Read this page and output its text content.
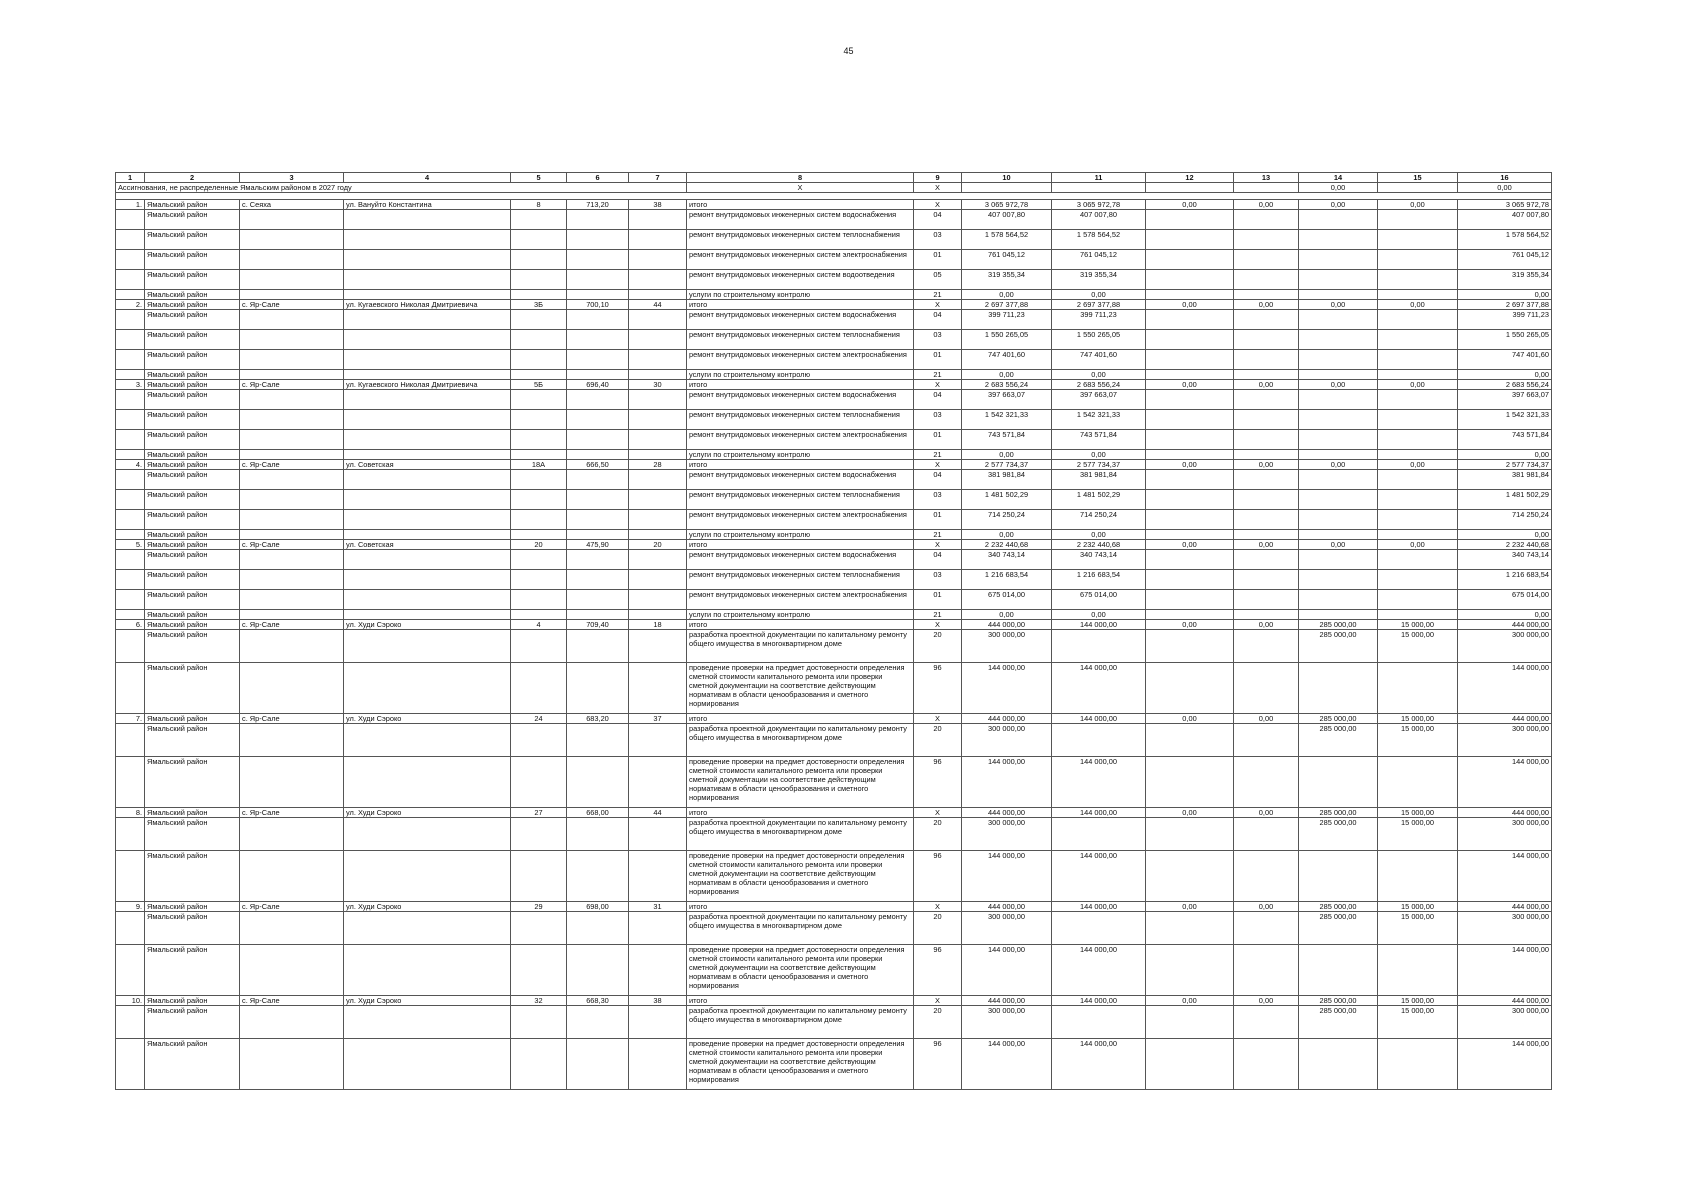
45
1	2	3	4	5	6	7	8	9	10	11	12	13	14	15	16
Ассигнования, не распределенные Ямальским районом в 2027 году							X	X					0,00		0,00

1.	Ямальский район	с. Сеяха	ул. Вануйто Константина	8	713,20	38	итого	X	3 065 972,78	3 065 972,78	0,00	0,00	0,00	0,00	3 065 972,78
	Ямальский район						ремонт внутридомовых инженерных систем водоснабжения	04	407 007,80	407 007,80					407 007,80
	Ямальский район						ремонт внутридомовых инженерных систем теплоснабжения	03	1 578 564,52	1 578 564,52					1 578 564,52
	Ямальский район						ремонт внутридомовых инженерных систем электроснабжения	01	761 045,12	761 045,12					761 045,12
	Ямальский район						ремонт внутридомовых инженерных систем водоотведения	05	319 355,34	319 355,34					319 355,34
	Ямальский район						услуги по строительному контролю	21	0,00	0,00					0,00
2.	Ямальский район	с. Яр-Сале	ул. Кугаевского Николая Дмитриевича	3Б	700,10	44	итого	X	2 697 377,88	2 697 377,88	0,00	0,00	0,00	0,00	2 697 377,88
	Ямальский район						ремонт внутридомовых инженерных систем водоснабжения	04	399 711,23	399 711,23					399 711,23
	Ямальский район						ремонт внутридомовых инженерных систем теплоснабжения	03	1 550 265,05	1 550 265,05					1 550 265,05
	Ямальский район						ремонт внутридомовых инженерных систем электроснабжения	01	747 401,60	747 401,60					747 401,60
	Ямальский район						услуги по строительному контролю	21	0,00	0,00					0,00
3.	Ямальский район	с. Яр-Сале	ул. Кугаевского Николая Дмитриевича	5Б	696,40	30	итого	X	2 683 556,24	2 683 556,24	0,00	0,00	0,00	0,00	2 683 556,24
	Ямальский район						ремонт внутридомовых инженерных систем водоснабжения	04	397 663,07	397 663,07					397 663,07
	Ямальский район						ремонт внутридомовых инженерных систем теплоснабжения	03	1 542 321,33	1 542 321,33					1 542 321,33
	Ямальский район						ремонт внутридомовых инженерных систем электроснабжения	01	743 571,84	743 571,84					743 571,84
	Ямальский район						услуги по строительному контролю	21	0,00	0,00					0,00
4.	Ямальский район	с. Яр-Сале	ул. Советская	18А	666,50	28	итого	X	2 577 734,37	2 577 734,37	0,00	0,00	0,00	0,00	2 577 734,37
	Ямальский район						ремонт внутридомовых инженерных систем водоснабжения	04	381 981,84	381 981,84					381 981,84
	Ямальский район						ремонт внутридомовых инженерных систем теплоснабжения	03	1 481 502,29	1 481 502,29					1 481 502,29
	Ямальский район						ремонт внутридомовых инженерных систем электроснабжения	01	714 250,24	714 250,24					714 250,24
	Ямальский район						услуги по строительному контролю	21	0,00	0,00					0,00
5.	Ямальский район	с. Яр-Сале	ул. Советская	20	475,90	20	итого	X	2 232 440,68	2 232 440,68	0,00	0,00	0,00	0,00	2 232 440,68
	Ямальский район						ремонт внутридомовых инженерных систем водоснабжения	04	340 743,14	340 743,14					340 743,14
	Ямальский район						ремонт внутридомовых инженерных систем теплоснабжения	03	1 216 683,54	1 216 683,54					1 216 683,54
	Ямальский район						ремонт внутридомовых инженерных систем электроснабжения	01	675 014,00	675 014,00					675 014,00
	Ямальский район						услуги по строительному контролю	21	0,00	0,00					0,00
6.	Ямальский район	с. Яр-Сале	ул. Худи Сэроко	4	709,40	18	итого	X	444 000,00	144 000,00	0,00	0,00	285 000,00	15 000,00	444 000,00
	Ямальский район						разработка проектной документации по капитальному ремонту общего имущества в многоквартирном доме	20	300 000,00				285 000,00	15 000,00	300 000,00
	Ямальский район						проведение проверки на предмет достоверности определения сметной стоимости капитального ремонта или проверки сметной документации на соответствие действующим нормативам в области ценообразования и сметного нормирования	96	144 000,00	144 000,00					144 000,00
7.	Ямальский район	с. Яр-Сале	ул. Худи Сэроко	24	683,20	37	итого	X	444 000,00	144 000,00	0,00	0,00	285 000,00	15 000,00	444 000,00
	Ямальский район						разработка проектной документации по капитальному ремонту общего имущества в многоквартирном доме	20	300 000,00				285 000,00	15 000,00	300 000,00
	Ямальский район						проведение проверки на предмет достоверности определения сметной стоимости капитального ремонта или проверки сметной документации на соответствие действующим нормативам в области ценообразования и сметного нормирования	96	144 000,00	144 000,00					144 000,00
8.	Ямальский район	с. Яр-Сале	ул. Худи Сэроко	27	668,00	44	итого	X	444 000,00	144 000,00	0,00	0,00	285 000,00	15 000,00	444 000,00
	Ямальский район						разработка проектной документации по капитальному ремонту общего имущества в многоквартирном доме	20	300 000,00				285 000,00	15 000,00	300 000,00
	Ямальский район						проведение проверки на предмет достоверности определения сметной стоимости капитального ремонта или проверки сметной документации на соответствие действующим нормативам в области ценообразования и сметного нормирования	96	144 000,00	144 000,00					144 000,00
9.	Ямальский район	с. Яр-Сале	ул. Худи Сэроко	29	698,00	31	итого	X	444 000,00	144 000,00	0,00	0,00	285 000,00	15 000,00	444 000,00
	Ямальский район						разработка проектной документации по капитальному ремонту общего имущества в многоквартирном доме	20	300 000,00				285 000,00	15 000,00	300 000,00
	Ямальский район						проведение проверки на предмет достоверности определения сметной стоимости капитального ремонта или проверки сметной документации на соответствие действующим нормативам в области ценообразования и сметного нормирования	96	144 000,00	144 000,00					144 000,00
10.	Ямальский район	с. Яр-Сале	ул. Худи Сэроко	32	668,30	38	итого	X	444 000,00	144 000,00	0,00	0,00	285 000,00	15 000,00	444 000,00
	Ямальский район						разработка проектной документации по капитальному ремонту общего имущества в многоквартирном доме	20	300 000,00				285 000,00	15 000,00	300 000,00
	Ямальский район						проведение проверки на предмет достоверности определения сметной стоимости капитального ремонта или проверки сметной документации на соответствие действующим нормативам в области ценообразования и сметного нормирования	96	144 000,00	144 000,00					144 000,00
